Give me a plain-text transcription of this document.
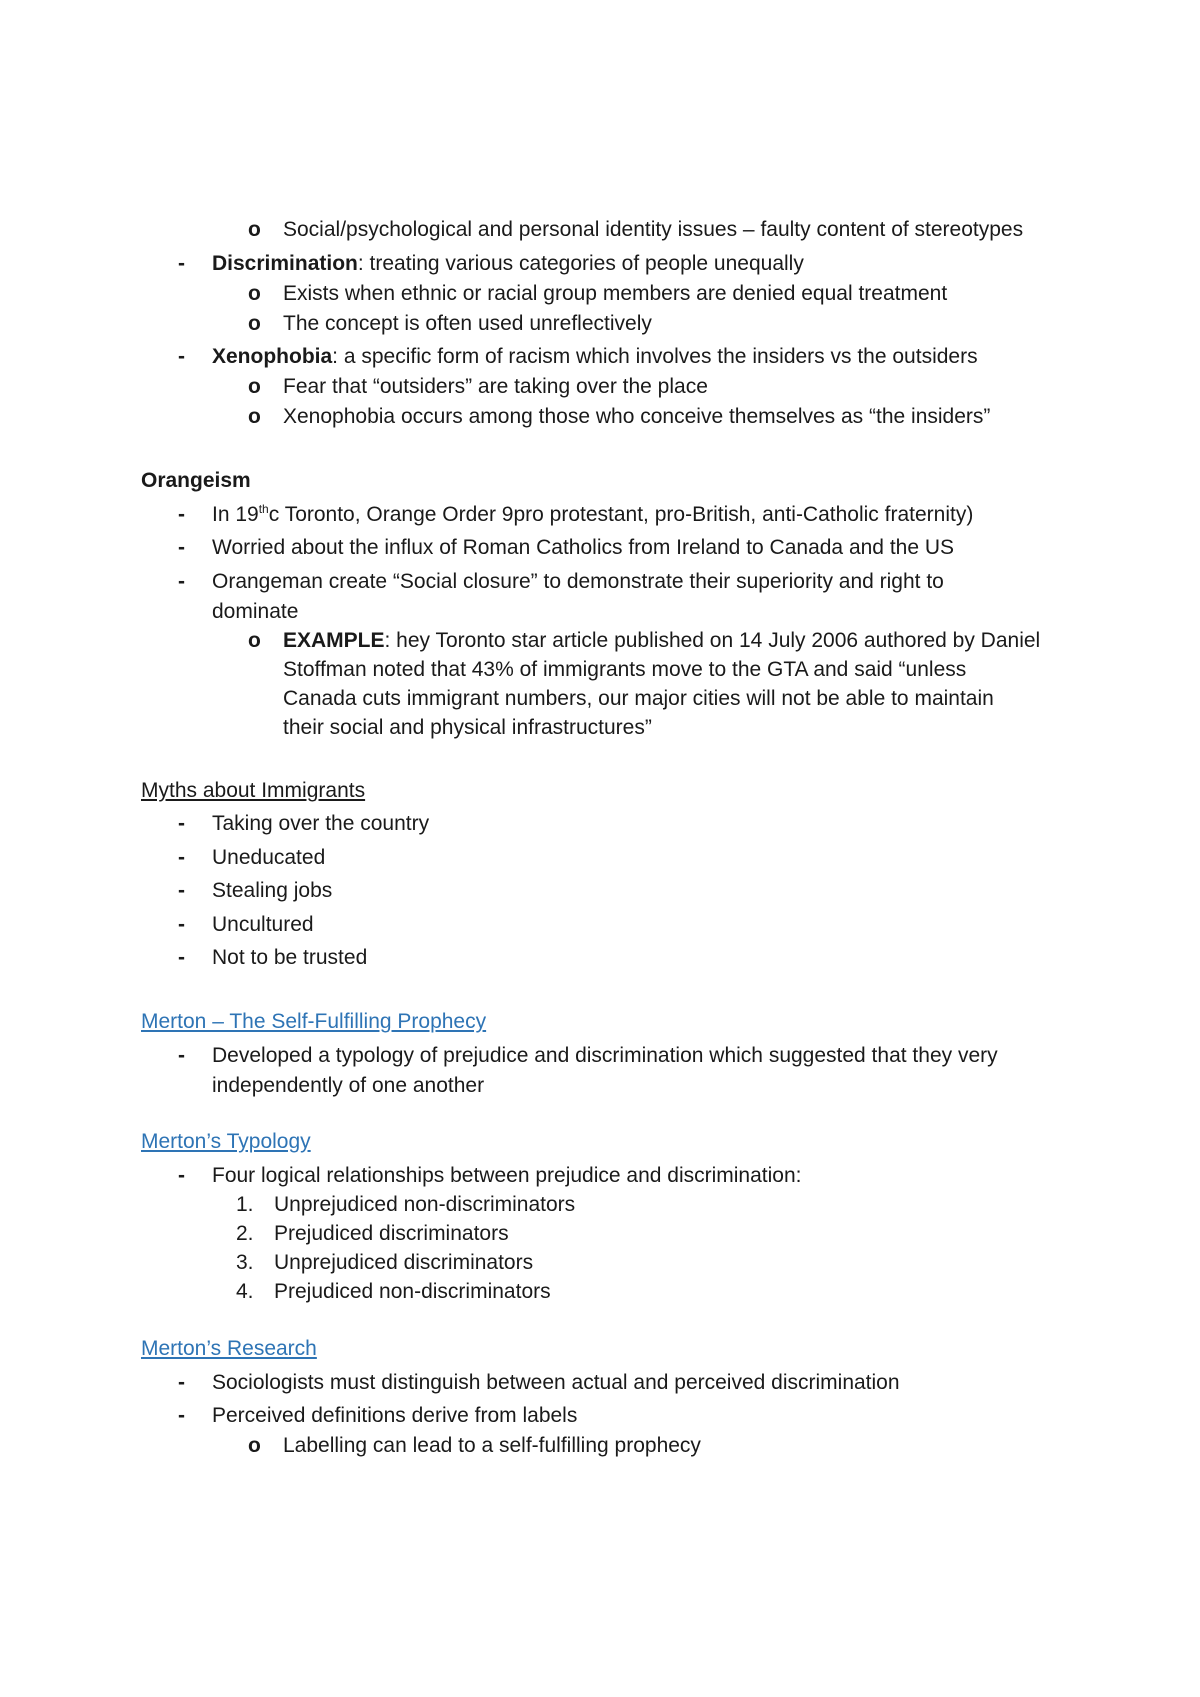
o Social/psychological and personal identity issues – faulty content of stereotypes
- Discrimination: treating various categories of people unequally
o Exists when ethnic or racial group members are denied equal treatment
o The concept is often used unreflectively
- Xenophobia: a specific form of racism which involves the insiders vs the outsiders
o Fear that “outsiders” are taking over the place
o Xenophobia occurs among those who conceive themselves as “the insiders”
Orangeism
- In 19thc Toronto, Orange Order 9pro protestant, pro-British, anti-Catholic fraternity)
- Worried about the influx of Roman Catholics from Ireland to Canada and the US
- Orangeman create “Social closure” to demonstrate their superiority and right to
dominate
o EXAMPLE: hey Toronto star article published on 14 July 2006 authored by Daniel
Stoffman noted that 43% of immigrants move to the GTA and said “unless
Canada cuts immigrant numbers, our major cities will not be able to maintain
their social and physical infrastructures”
Myths about Immigrants
- Taking over the country
- Uneducated
- Stealing jobs
- Uncultured
- Not to be trusted
Merton – The Self-Fulfilling Prophecy
- Developed a typology of prejudice and discrimination which suggested that they very
independently of one another
Merton’s Typology
- Four logical relationships between prejudice and discrimination:
1. Unprejudiced non-discriminators
2. Prejudiced discriminators
3. Unprejudiced discriminators
4. Prejudiced non-discriminators
Merton’s Research
- Sociologists must distinguish between actual and perceived discrimination
- Perceived definitions derive from labels
o Labelling can lead to a self-fulfilling prophecy
